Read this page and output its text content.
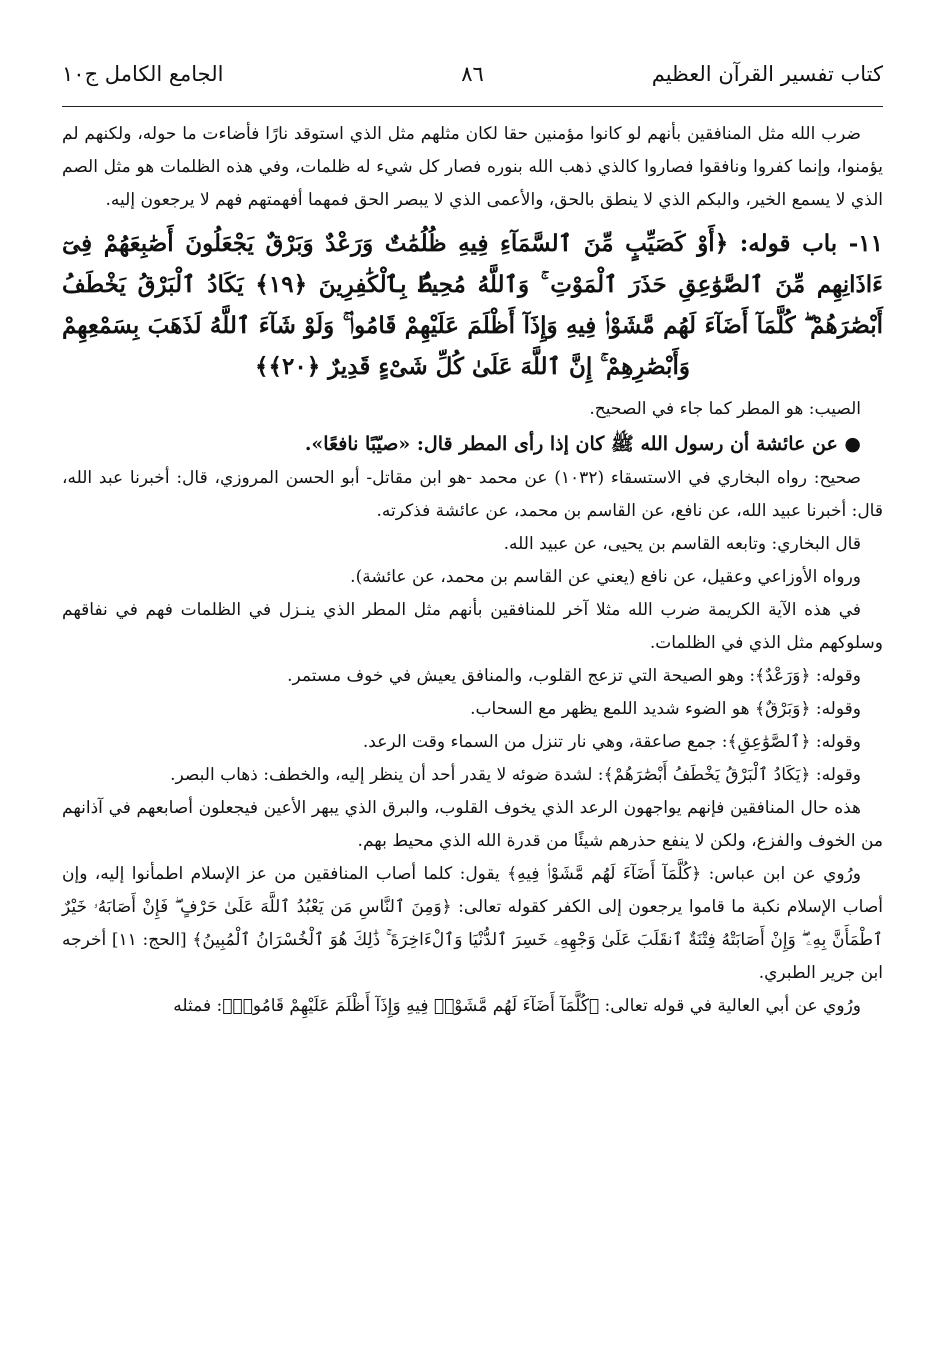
كتاب تفسير القرآن العظيم
٨٦
الجامع الكامل ج١٠

ضرب الله مثل المنافقين بأنهم لو كانوا مؤمنين حقا لكان مثلهم مثل الذي استوقد نارًا فأضاءت ما حوله، ولكنهم لم يؤمنوا، وإنما كفروا ونافقوا فصاروا كالذي ذهب الله بنوره فصار كل شيء له ظلمات، وفي هذه الظلمات هو مثل الصم الذي لا يسمع الخير، والبكم الذي لا ينطق بالحق، والأعمى الذي لا يبصر الحق فمهما أفهمتهم فهم لا يرجعون إليه.

١١- باب قوله: ﴿أَوْ كَصَيِّبٍ مِّنَ ٱلسَّمَآءِ فِيهِ ظُلُمَٰتٌ وَرَعْدٌ وَبَرْقٌ يَجْعَلُونَ أَصَٰبِعَهُمْ فِىٓ ءَاذَانِهِم مِّنَ ٱلصَّوَٰعِقِ حَذَرَ ٱلْمَوْتِ ۚ وَٱللَّهُ مُحِيطٌۢ بِٱلْكَٰفِرِينَ ﴿١٩﴾ يَكَادُ ٱلْبَرْقُ يَخْطَفُ أَبْصَٰرَهُمْ ۖ كُلَّمَآ أَضَآءَ لَهُم مَّشَوْا۟ فِيهِ وَإِذَآ أَظْلَمَ عَلَيْهِمْ قَامُوا۟ ۚ وَلَوْ شَآءَ ٱللَّهُ لَذَهَبَ بِسَمْعِهِمْ وَأَبْصَٰرِهِمْ ۚ إِنَّ ٱللَّهَ عَلَىٰ كُلِّ شَىْءٍ قَدِيرٌ ﴿٢٠﴾﴾

الصيب: هو المطر كما جاء في الصحيح.

● عن عائشة أن رسول الله ﷺ كان إذا رأى المطر قال: «صيّبًا نافعًا».

صحيح: رواه البخاري في الاستسقاء (١٠٣٢) عن محمد -هو ابن مقاتل- أبو الحسن المروزي، قال: أخبرنا عبد الله، قال: أخبرنا عبيد الله، عن نافع، عن القاسم بن محمد، عن عائشة فذكرته.

قال البخاري: وتابعه القاسم بن يحيى، عن عبيد الله.

ورواه الأوزاعي وعقيل، عن نافع (يعني عن القاسم بن محمد، عن عائشة).

في هذه الآية الكريمة ضرب الله مثلا آخر للمنافقين بأنهم مثل المطر الذي ينـزل في الظلمات فهم في نفاقهم وسلوكهم مثل الذي في الظلمات.

وقوله: ﴿وَرَعْدٌ﴾: وهو الصيحة التي تزعج القلوب، والمنافق يعيش في خوف مستمر.

وقوله: ﴿وَبَرْقٌ﴾ هو الضوء شديد اللمع يظهر مع السحاب.

وقوله: ﴿ٱلصَّوَٰعِقِ﴾: جمع صاعقة، وهي نار تنزل من السماء وقت الرعد.

وقوله: ﴿يَكَادُ ٱلْبَرْقُ يَخْطَفُ أَبْصَٰرَهُمْ﴾: لشدة ضوئه لا يقدر أحد أن ينظر إليه، والخطف: ذهاب البصر.

هذه حال المنافقين فإنهم يواجهون الرعد الذي يخوف القلوب، والبرق الذي يبهر الأعين فيجعلون أصابعهم في آذانهم من الخوف والفزع، ولكن لا ينفع حذرهم شيئًا من قدرة الله الذي محيط بهم.

ورُوي عن ابن عباس: ﴿كُلَّمَآ أَضَآءَ لَهُم مَّشَوْا۟ فِيهِ﴾ يقول: كلما أصاب المنافقين من عز الإسلام اطمأنوا إليه، وإن أصاب الإسلام نكبة ما قاموا يرجعون إلى الكفر كقوله تعالى: ﴿وَمِنَ ٱلنَّاسِ مَن يَعْبُدُ ٱللَّهَ عَلَىٰ حَرْفٍ ۖ فَإِنْ أَصَابَهُۥ خَيْرٌ ٱطْمَأَنَّ بِهِۦ ۖ وَإِنْ أَصَابَتْهُ فِتْنَةٌ ٱنقَلَبَ عَلَىٰ وَجْهِهِۦ خَسِرَ ٱلدُّنْيَا وَٱلْءَاخِرَةَ ۚ ذَٰلِكَ هُوَ ٱلْخُسْرَانُ ٱلْمُبِينُ﴾ [الحج: ١١] أخرجه ابن جرير الطبري.

ورُوي عن أبي العالية في قوله تعالى: ﴿كُلَّمَآ أَضَآءَ لَهُم مَّشَوْا۟ فِيهِ وَإِذَآ أَظْلَمَ عَلَيْهِمْ قَامُوا۟﴾: فمثله
